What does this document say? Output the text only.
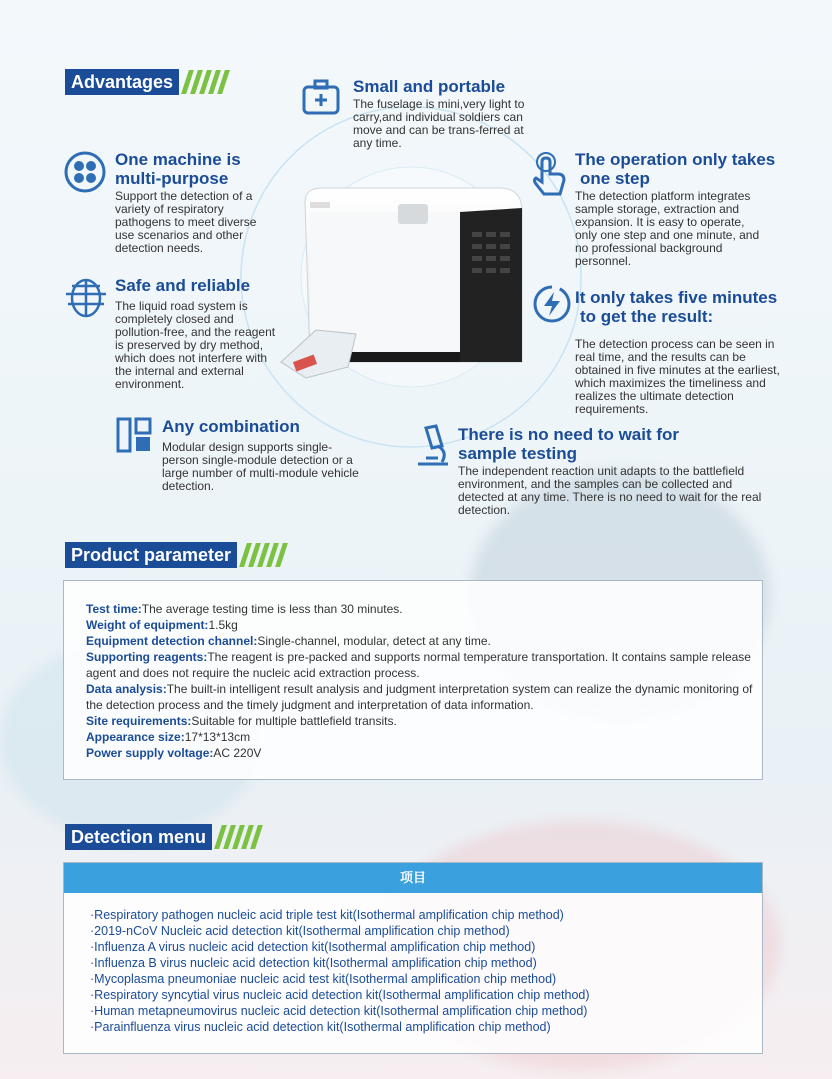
Advantages	Small and portable

The fuselage is mini,very light to carry,and individual soldiers can move and can be trans-ferred at any time.

One machine is
multi-purpose

Support the detection of a variety of respiratory pathogens to meet diverse use scenarios and other detection needs.

The operation only takes
one step

The detection platform integrates sample storage, extraction and expansion. It is easy to operate, only one step and one minute, and no professional background personnel.

Safe and reliable

The liquid road system is completely closed and pollution-free, and the reagent is preserved by dry method, which does not interfere with the internal and external environment.

It only takes five minutes
to get the result:

The detection process can be seen in real time, and the results can be obtained in five minutes at the earliest, which maximizes the timeliness and realizes the ultimate detection requirements.

Any combination

Modular design supports single-person single-module detection or a large number of multi-module vehicle detection.

There is no need to wait for
sample testing

The independent reaction unit adapts to the battlefield environment, and the samples can be collected and detected at any time. There is no need to wait for the real detection.

Product parameter
Test time:The average testing time is less than 30 minutes.
Weight of equipment:1.5kg
Equipment detection channel:Single-channel, modular, detect at any time.
Supporting reagents:The reagent is pre-packed and supports normal temperature transportation. It contains sample release agent and does not require the nucleic acid extraction process.
Data analysis:The built-in intelligent result analysis and judgment interpretation system can realize the dynamic monitoring of the detection process and the timely judgment and interpretation of data information.
Site requirements:Suitable for multiple battlefield transits.
Appearance size:17*13*13cm
Power supply voltage:AC 220V
Detection menu
项目
·Respiratory pathogen nucleic acid triple test kit(Isothermal amplification chip method)
·2019-nCoV Nucleic acid detection kit(Isothermal amplification chip method)
·Influenza A virus nucleic acid detection kit(Isothermal amplification chip method)
·Influenza B virus nucleic acid detection kit(Isothermal amplification chip method)
·Mycoplasma pneumoniae nucleic acid test kit(Isothermal amplification chip method)
·Respiratory syncytial virus nucleic acid detection kit(Isothermal amplification chip method)
·Human metapneumovirus nucleic acid detection kit(Isothermal amplification chip method)
·Parainfluenza virus nucleic acid detection kit(Isothermal amplification chip method)
